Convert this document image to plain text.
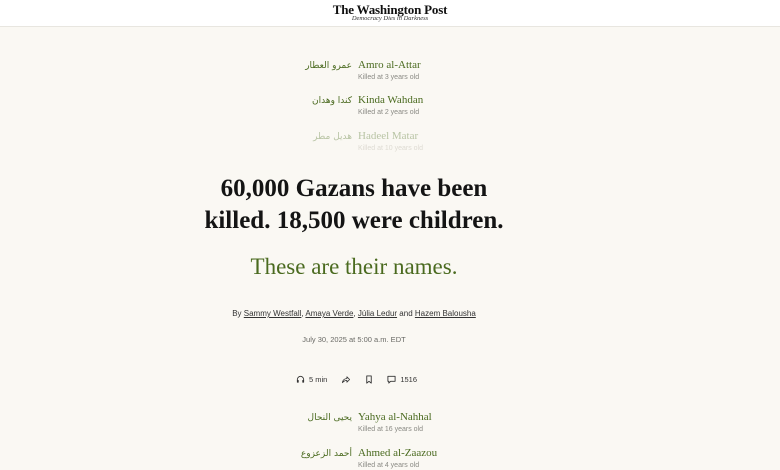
The Washington Post
Democracy Dies in Darkness
عمرو العطار Amro al-Attar
Killed at 3 years old
كندا وهدان Kinda Wahdan
Killed at 2 years old
هديل مطر Hadeel Matar
Killed at 10 years old
60,000 Gazans have been
killed. 18,500 were children.
These are their names.
By Sammy Westfall, Amaya Verde, Júlia Ledur and Hazem Balousha
July 30, 2025 at 5:00 a.m. EDT
5 min	1516
يحيى النحال Yahya al-Nahhal
Killed at 16 years old
أحمد الزعزوع Ahmed al-Zaazou
Killed at 4 years old
